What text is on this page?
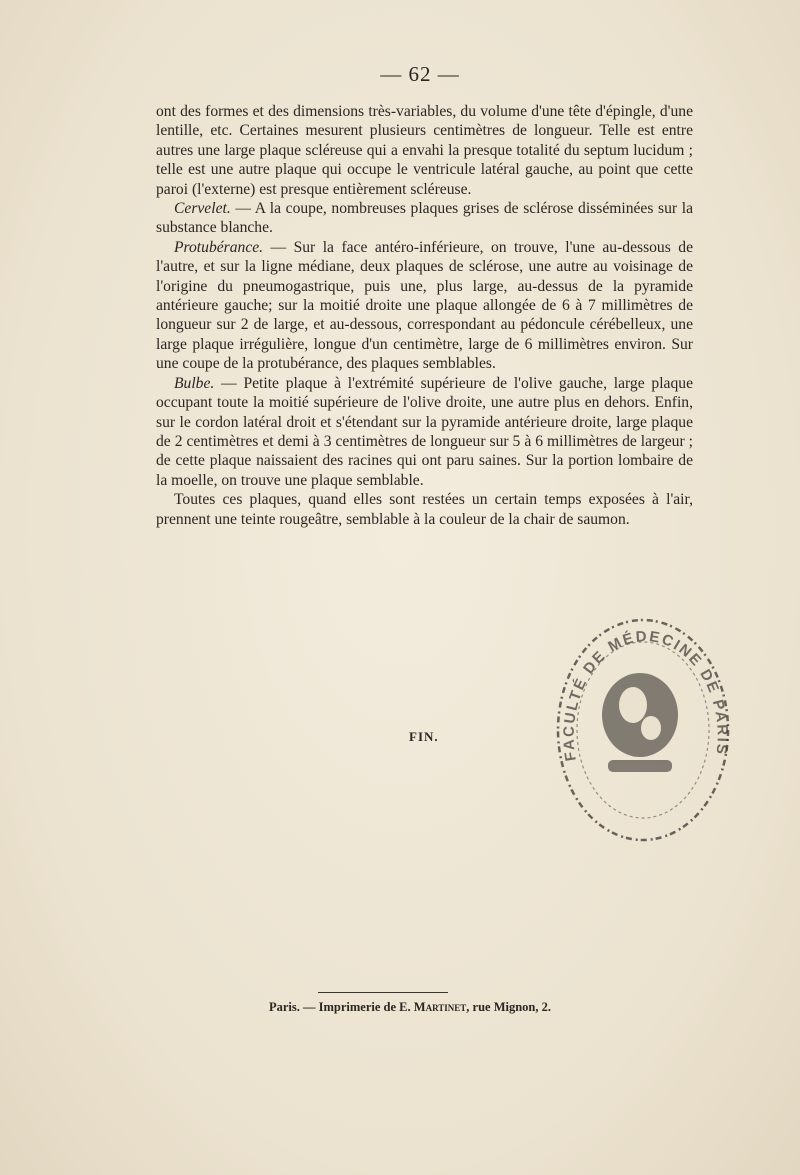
— 62 —

ont des formes et des dimensions très-variables, du volume d'une tête d'épingle, d'une lentille, etc. Certaines mesurent plusieurs centimètres de longueur. Telle est entre autres une large plaque scléreuse qui a envahi la presque totalité du septum lucidum ; telle est une autre plaque qui occupe le ventricule latéral gauche, au point que cette paroi (l'externe) est presque entièrement scléreuse.

Cervelet. — A la coupe, nombreuses plaques grises de sclérose disséminées sur la substance blanche.

Protubérance. — Sur la face antéro-inférieure, on trouve, l'une au-dessous de l'autre, et sur la ligne médiane, deux plaques de sclérose, une autre au voisinage de l'origine du pneumogastrique, puis une, plus large, au-dessus de la pyramide antérieure gauche; sur la moitié droite une plaque allongée de 6 à 7 millimètres de longueur sur 2 de large, et au-dessous, correspondant au pédoncule cérébelleux, une large plaque irrégulière, longue d'un centimètre, large de 6 millimètres environ. Sur une coupe de la protubérance, des plaques semblables.

Bulbe. — Petite plaque à l'extrémité supérieure de l'olive gauche, large plaque occupant toute la moitié supérieure de l'olive droite, une autre plus en dehors. Enfin, sur le cordon latéral droit et s'étendant sur la pyramide antérieure droite, large plaque de 2 centimètres et demi à 3 centimètres de longueur sur 5 à 6 millimètres de largeur ; de cette plaque naissaient des racines qui ont paru saines. Sur la portion lombaire de la moelle, on trouve une plaque semblable.

Toutes ces plaques, quand elles sont restées un certain temps exposées à l'air, prennent une teinte rougeâtre, semblable à la couleur de la chair de saumon.

FIN.
FACULTÉ DE MÉDECINE DE PARIS
Paris. — Imprimerie de E. Martinet, rue Mignon, 2.
